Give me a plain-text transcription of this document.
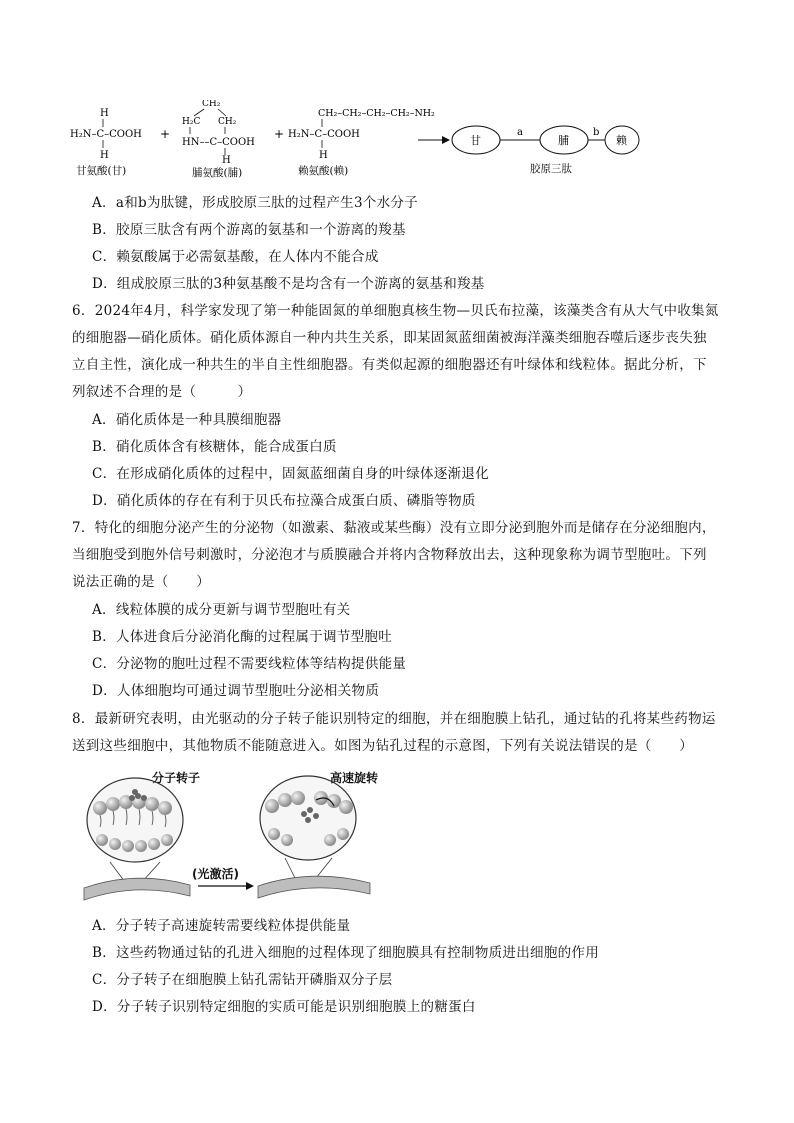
H
H₂N–C–COOH
H
甘氨酸(甘)
+
CH₂
H₂C CH₂
HN––C–COOH
H
脯氨酸(脯)
+
CH₂–CH₂–CH₂–CH₂–NH₂
H₂N–C–COOH
H
赖氨酸(赖)
甘
a
脯
b
赖
胶原三肽
A．a和b为肽键，形成胶原三肽的过程产生3个水分子
B．胶原三肽含有两个游离的氨基和一个游离的羧基
C．赖氨酸属于必需氨基酸，在人体内不能合成
D．组成胶原三肽的3种氨基酸不是均含有一个游离的氨基和羧基
6．2024年4月，科学家发现了第一种能固氮的单细胞真核生物—贝氏布拉藻，该藻类含有从大气中收集氮
的细胞器—硝化质体。硝化质体源自一种内共生关系，即某固氮蓝细菌被海洋藻类细胞吞噬后逐步丧失独
立自主性，演化成一种共生的半自主性细胞器。有类似起源的细胞器还有叶绿体和线粒体。据此分析，下
列叙述不合理的是（　　　）
A．硝化质体是一种具膜细胞器
B．硝化质体含有核糖体，能合成蛋白质
C．在形成硝化质体的过程中，固氮蓝细菌自身的叶绿体逐渐退化
D．硝化质体的存在有利于贝氏布拉藻合成蛋白质、磷脂等物质
7．特化的细胞分泌产生的分泌物（如激素、黏液或某些酶）没有立即分泌到胞外而是储存在分泌细胞内，
当细胞受到胞外信号刺激时，分泌泡才与质膜融合并将内含物释放出去，这种现象称为调节型胞吐。下列
说法正确的是（　　）
A．线粒体膜的成分更新与调节型胞吐有关
B．人体进食后分泌消化酶的过程属于调节型胞吐
C．分泌物的胞吐过程不需要线粒体等结构提供能量
D．人体细胞均可通过调节型胞吐分泌相关物质
8．最新研究表明，由光驱动的分子转子能识别特定的细胞，并在细胞膜上钻孔，通过钻的孔将某些药物运
送到这些细胞中，其他物质不能随意进入。如图为钻孔过程的示意图，下列有关说法错误的是（　　）
分子转子
(光激活)
高速旋转
A．分子转子高速旋转需要线粒体提供能量
B．这些药物通过钻的孔进入细胞的过程体现了细胞膜具有控制物质进出细胞的作用
C．分子转子在细胞膜上钻孔需钻开磷脂双分子层
D．分子转子识别特定细胞的实质可能是识别细胞膜上的糖蛋白
